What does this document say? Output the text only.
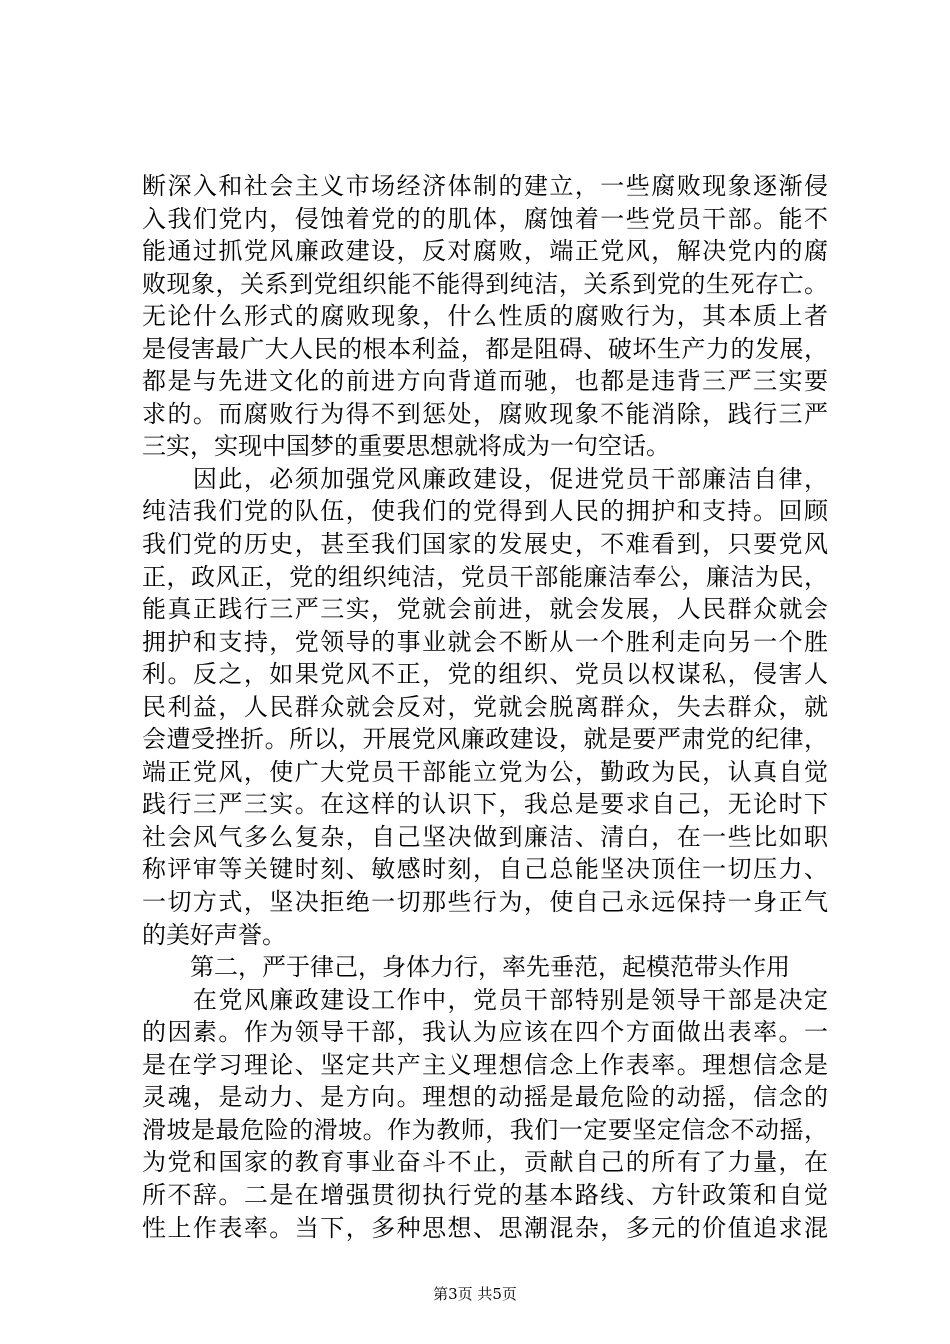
断深入和社会主义市场经济体制的建立，一些腐败现象逐渐侵
入我们党内，侵蚀着党的的肌体，腐蚀着一些党员干部。能不
能通过抓党风廉政建设，反对腐败，端正党风，解决党内的腐
败现象，关系到党组织能不能得到纯洁，关系到党的生死存亡。
无论什么形式的腐败现象，什么性质的腐败行为，其本质上者
是侵害最广大人民的根本利益，都是阻碍、破坏生产力的发展，
都是与先进文化的前进方向背道而驰，也都是违背三严三实要
求的。而腐败行为得不到惩处，腐败现象不能消除，践行三严
三实，实现中国梦的重要思想就将成为一句空话。
　　因此，必须加强党风廉政建设，促进党员干部廉洁自律，
纯洁我们党的队伍，使我们的党得到人民的拥护和支持。回顾
我们党的历史，甚至我们国家的发展史，不难看到，只要党风
正，政风正，党的组织纯洁，党员干部能廉洁奉公，廉洁为民，
能真正践行三严三实，党就会前进，就会发展，人民群众就会
拥护和支持，党领导的事业就会不断从一个胜利走向另一个胜
利。反之，如果党风不正，党的组织、党员以权谋私，侵害人
民利益，人民群众就会反对，党就会脱离群众，失去群众，就
会遭受挫折。所以，开展党风廉政建设，就是要严肃党的纪律，
端正党风，使广大党员干部能立党为公，勤政为民，认真自觉
践行三严三实。在这样的认识下，我总是要求自己，无论时下
社会风气多么复杂，自己坚决做到廉洁、清白，在一些比如职
称评审等关键时刻、敏感时刻，自己总能坚决顶住一切压力、
一切方式，坚决拒绝一切那些行为，使自己永远保持一身正气
的美好声誉。
　　第二，严于律己，身体力行，率先垂范，起模范带头作用
　　在党风廉政建设工作中，党员干部特别是领导干部是决定
的因素。作为领导干部，我认为应该在四个方面做出表率。一
是在学习理论、坚定共产主义理想信念上作表率。理想信念是
灵魂，是动力、是方向。理想的动摇是最危险的动摇，信念的
滑坡是最危险的滑坡。作为教师，我们一定要坚定信念不动摇，
为党和国家的教育事业奋斗不止，贡献自己的所有了力量，在
所不辞。二是在增强贯彻执行党的基本路线、方针政策和自觉
性上作表率。当下，多种思想、思潮混杂，多元的价值追求混
第3页 共5页
